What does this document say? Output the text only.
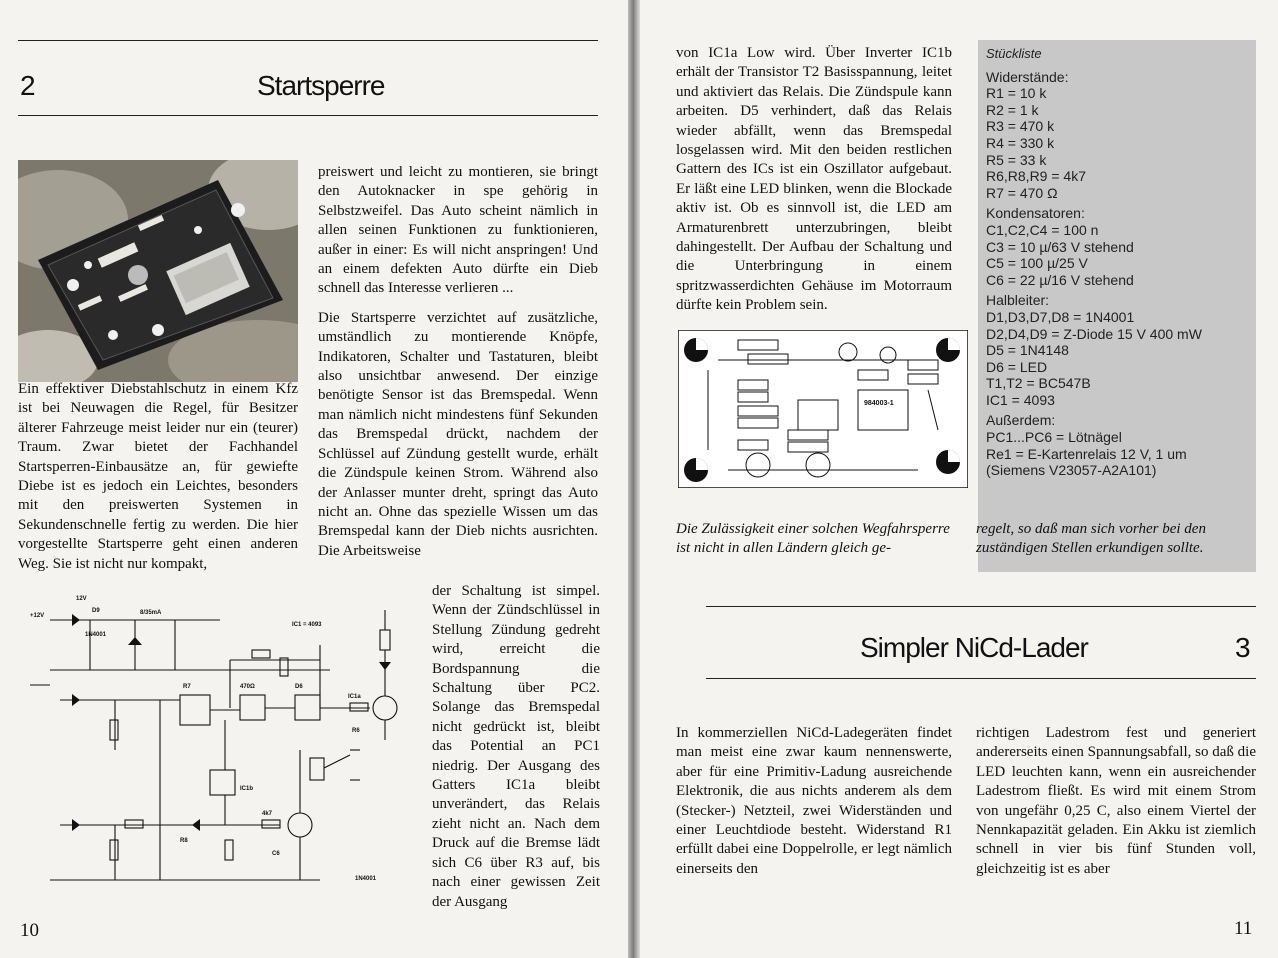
2	Startsperre

Ein effektiver Diebstahlschutz in einem Kfz ist bei Neuwagen die Regel, für Besitzer älterer Fahrzeuge meist leider nur ein (teurer) Traum. Zwar bietet der Fachhandel Startsperren-Einbausätze an, für gewiefte Diebe ist es jedoch ein Leichtes, besonders mit den preiswerten Systemen in Sekundenschnelle fertig zu werden. Die hier vorgestellte Startsperre geht einen anderen Weg. Sie ist nicht nur kompakt,

preiswert und leicht zu montieren, sie bringt den Autoknacker in spe gehörig in Selbstzweifel. Das Auto scheint nämlich in allen seinen Funktionen zu funktionieren, außer in einer: Es will nicht anspringen! Und an einem defekten Auto dürfte ein Dieb schnell das Interesse verlieren ...

Die Startsperre verzichtet auf zusätzliche, umständlich zu montierende Knöpfe, Indikatoren, Schalter und Tastaturen, bleibt also unsichtbar anwesend. Der einzige benötigte Sensor ist das Bremspedal. Wenn man nämlich nicht mindestens fünf Sekunden das Bremspedal drückt, nachdem der Schlüssel auf Zündung gestellt wurde, erhält die Zündspule keinen Strom. Während also der Anlasser munter dreht, springt das Auto nicht an. Ohne das spezielle Wissen um das Bremspedal kann der Dieb nichts ausrichten. Die Arbeitsweise

der Schaltung ist simpel. Wenn der Zündschlüssel in Stellung Zündung gedreht wird, erreicht die Bordspannung die Schaltung über PC2. Solange das Bremspedal nicht gedrückt ist, bleibt das Potential an PC1 niedrig. Der Ausgang des Gatters IC1a bleibt unverändert, das Relais zieht nicht an. Nach dem Druck auf die Bremse lädt sich C6 über R3 auf, bis nach einer gewissen Zeit der Ausgang

12V
+12V
D9
1N4001
8/35mA
IC1 = 4093
R7	470Ω	D6
IC1a
R6
IC1b
4k7
C6
R8
1N4001
10

von IC1a Low wird. Über Inverter IC1b erhält der Transistor T2 Basisspannung, leitet und aktiviert das Relais. Die Zündspule kann arbeiten. D5 verhindert, daß das Relais wieder abfällt, wenn das Bremspedal losgelassen wird. Mit den beiden restlichen Gattern des ICs ist ein Oszillator aufgebaut. Er läßt eine LED blinken, wenn die Blockade aktiv ist. Ob es sinnvoll ist, die LED am Armaturenbrett unterzubringen, bleibt dahingestellt. Der Aufbau der Schaltung und die Unterbringung in einem spritzwasserdichten Gehäuse im Motorraum dürfte kein Problem sein.

984003-1
Stückliste
Widerstände:
R1 = 10 k
R2 = 1 k
R3 = 470 k
R4 = 330 k
R5 = 33 k
R6,R8,R9 = 4k7
R7 = 470 Ω
Kondensatoren:
C1,C2,C4 = 100 n
C3 = 10 µ/63 V stehend
C5 = 100 µ/25 V
C6 = 22 µ/16 V stehend
Halbleiter:
D1,D3,D7,D8 = 1N4001
D2,D4,D9 = Z-Diode 15 V 400 mW
D5 = 1N4148
D6 = LED
T1,T2 = BC547B
IC1 = 4093
Außerdem:
PC1...PC6 = Lötnägel
Re1 = E-Kartenrelais 12 V, 1 um
(Siemens V23057-A2A101)
Die Zulässigkeit einer solchen Wegfahrsperre ist nicht in allen Ländern gleich ge-
regelt, so daß man sich vorher bei den zuständigen Stellen erkundigen sollte.
Simpler NiCd-Lader	3

In kommerziellen NiCd-Ladegeräten findet man meist eine zwar kaum nennenswerte, aber für eine Primitiv-Ladung ausreichende Elektronik, die aus nichts anderem als dem (Stecker-) Netzteil, zwei Widerständen und einer Leuchtdiode besteht. Widerstand R1 erfüllt dabei eine Doppelrolle, er legt nämlich einerseits den

richtigen Ladestrom fest und generiert andererseits einen Spannungsabfall, so daß die LED leuchten kann, wenn ein ausreichender Ladestrom fließt. Es wird mit einem Strom von ungefähr 0,25 C, also einem Viertel der Nennkapazität geladen. Ein Akku ist ziemlich schnell in vier bis fünf Stunden voll, gleichzeitig ist es aber

11
